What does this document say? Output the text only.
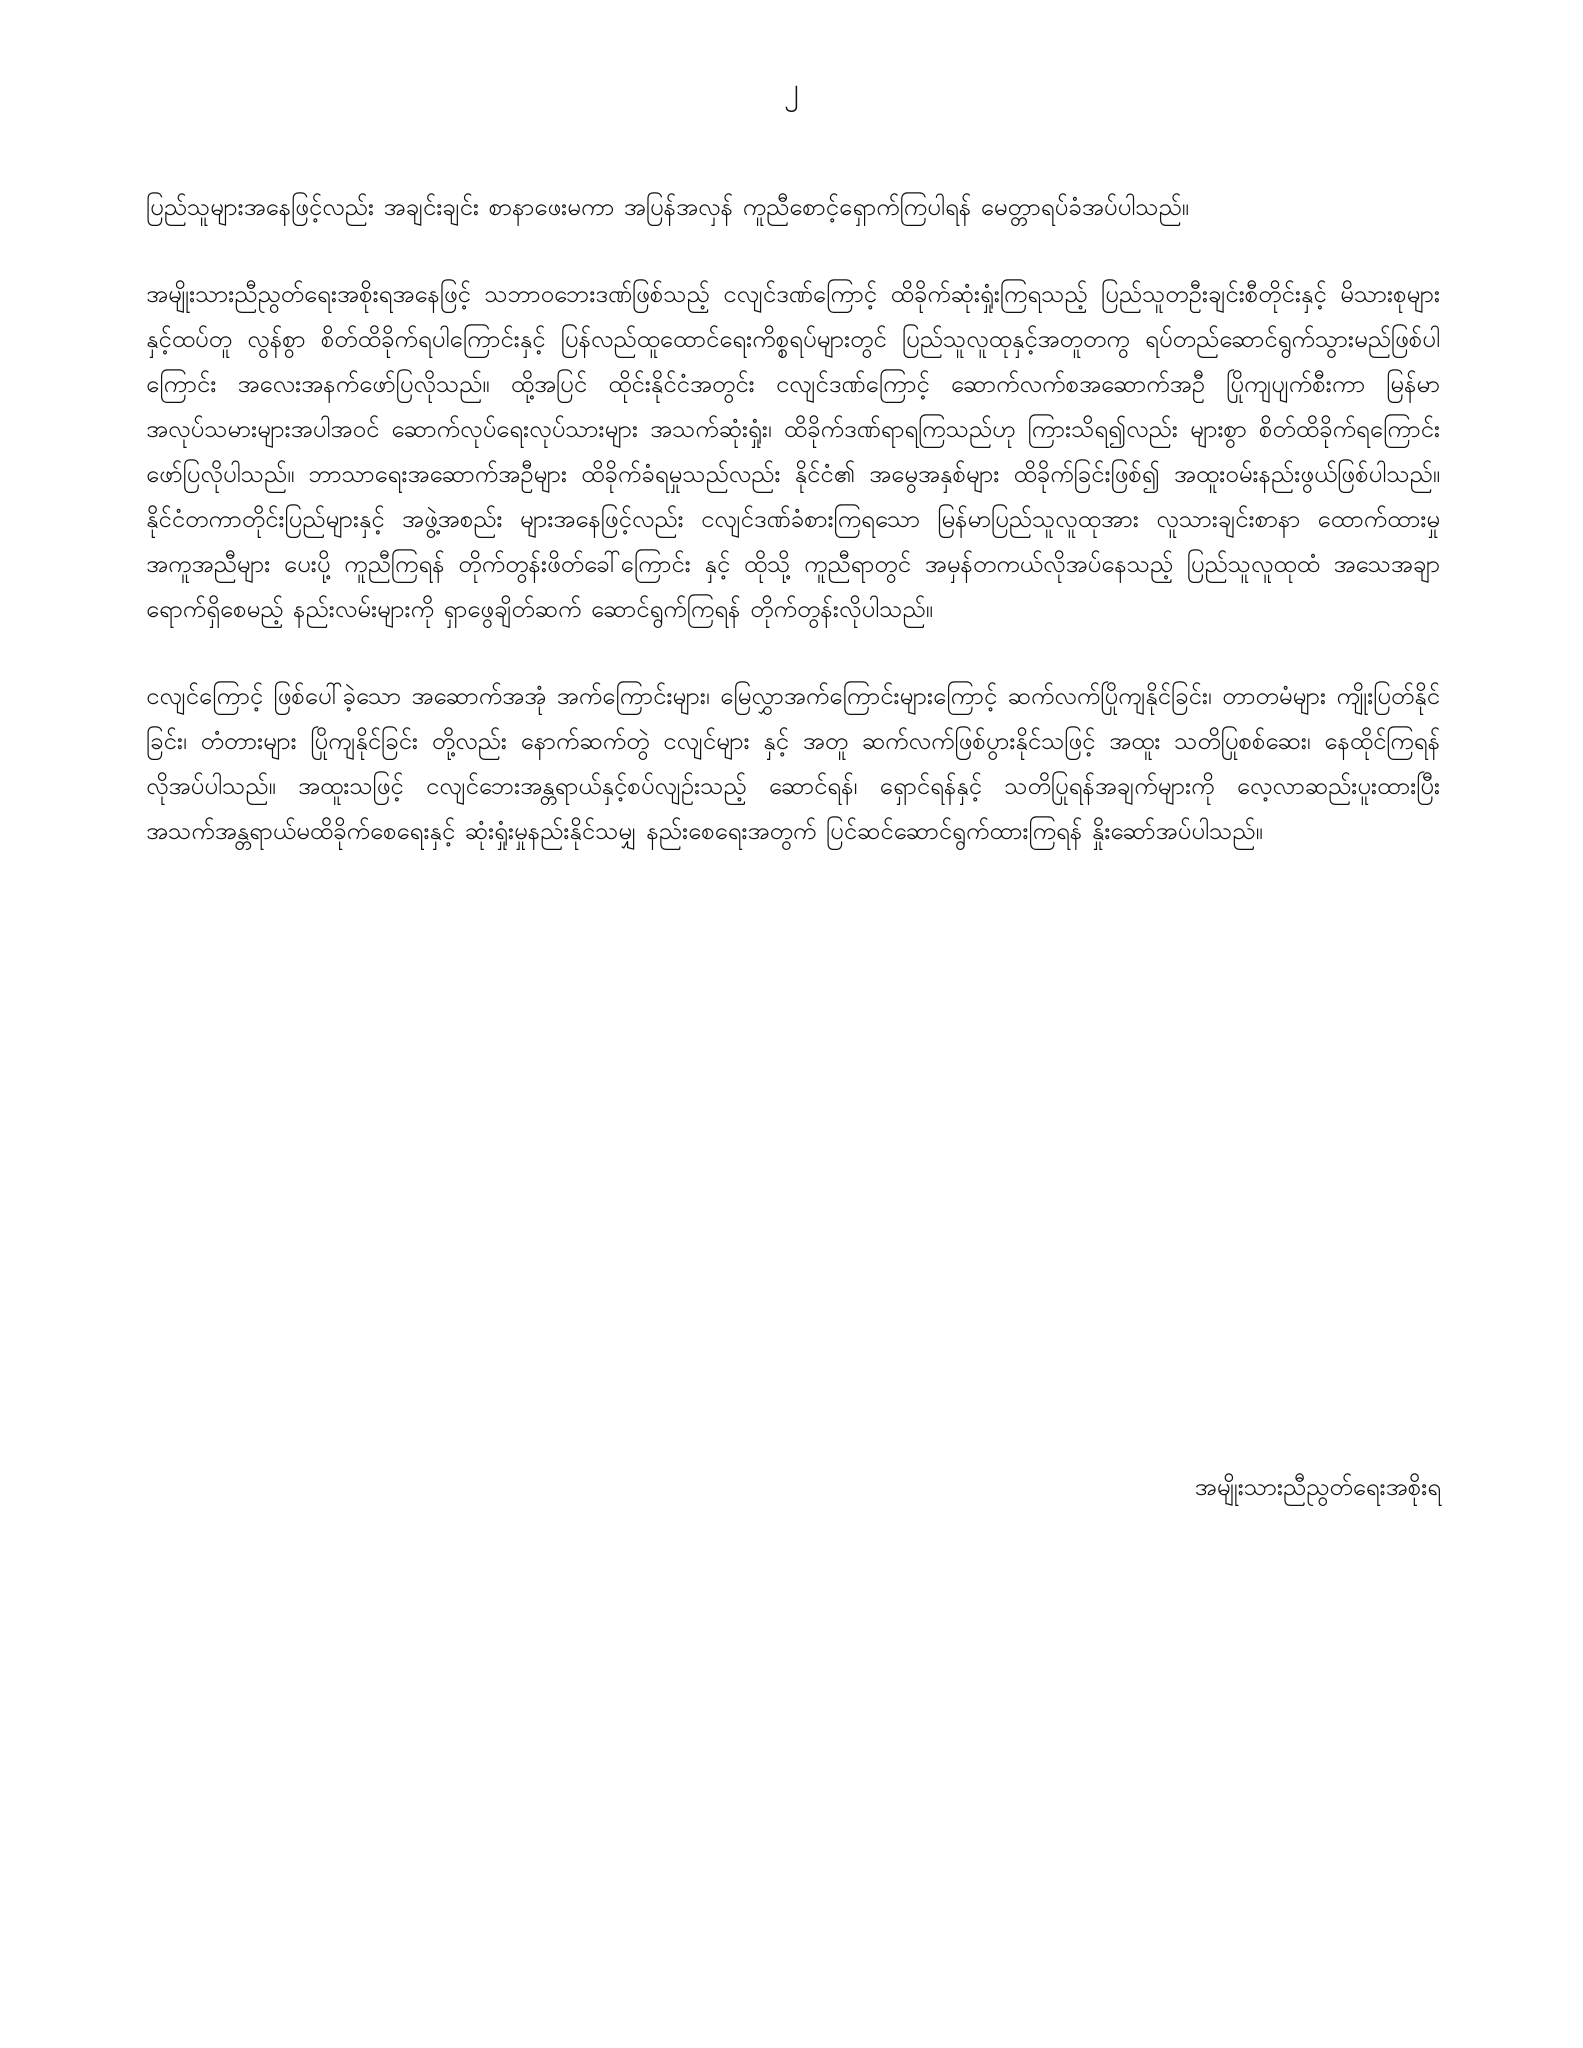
၂

ပြည်သူများအနေဖြင့်လည်း အချင်းချင်း စာနာဖေးမကာ အပြန်အလှန် ကူညီစောင့်ရှောက်ကြပါရန် မေတ္တာရပ်ခံအပ်ပါသည်။

အမျိုးသားညီညွတ်ရေးအစိုးရအနေဖြင့် သဘာဝဘေးဒဏ်ဖြစ်သည့် ငလျင်ဒဏ်ကြောင့် ထိခိုက်ဆုံးရှုံးကြရသည့် ပြည်သူတဦးချင်းစီတိုင်းနှင့် မိသားစုများနှင့်ထပ်တူ လွန်စွာ စိတ်ထိခိုက်ရပါကြောင်းနှင့် ပြန်လည်ထူထောင်ရေးကိစ္စရပ်များတွင် ပြည်သူလူထုနှင့်အတူတကွ ရပ်တည်ဆောင်ရွက်သွားမည်ဖြစ်ပါကြောင်း အလေးအနက်ဖော်ပြလိုသည်။ ထို့အပြင် ထိုင်းနိုင်ငံအတွင်း ငလျင်ဒဏ်ကြောင့် ဆောက်လက်စအဆောက်အဦ ပြိုကျပျက်စီးကာ မြန်မာအလုပ်သမားများအပါအဝင် ဆောက်လုပ်ရေးလုပ်သားများ အသက်ဆုံးရှုံး၊ ထိခိုက်ဒဏ်ရာရကြသည်ဟု ကြားသိရ၍လည်း များစွာ စိတ်ထိခိုက်ရကြောင်း ဖော်ပြလိုပါသည်။ ဘာသာရေးအဆောက်အဦများ ထိခိုက်ခံရမှုသည်လည်း နိုင်ငံ၏ အမွေအနှစ်များ ထိခိုက်ခြင်းဖြစ်၍ အထူးဝမ်းနည်းဖွယ်ဖြစ်ပါသည်။ နိုင်ငံတကာတိုင်းပြည်များနှင့် အဖွဲ့အစည်း များအနေဖြင့်လည်း ငလျင်ဒဏ်ခံစားကြရသော မြန်မာပြည်သူလူထုအား လူသားချင်းစာနာ ထောက်ထားမှု အကူအညီများ ပေးပို့ ကူညီကြရန် တိုက်တွန်းဖိတ်ခေါ်ကြောင်း နှင့် ထိုသို့ ကူညီရာတွင် အမှန်တကယ်လိုအပ်နေသည့် ပြည်သူလူထုထံ အသေအချာ ရောက်ရှိစေမည့် နည်းလမ်းများကို ရှာဖွေချိတ်ဆက် ဆောင်ရွက်ကြရန် တိုက်တွန်းလိုပါသည်။

ငလျင်ကြောင့် ဖြစ်ပေါ်ခဲ့သော အဆောက်အအုံ အက်ကြောင်းများ၊ မြေလွှာအက်ကြောင်းများကြောင့် ဆက်လက်ပြိုကျနိုင်ခြင်း၊ တာတမံများ ကျိုးပြတ်နိုင်ခြင်း၊ တံတားများ ပြိုကျနိုင်ခြင်း တို့လည်း နောက်ဆက်တွဲ ငလျင်များ နှင့် အတူ ဆက်လက်ဖြစ်ပွားနိုင်သဖြင့် အထူး သတိပြုစစ်ဆေး၊ နေထိုင်ကြရန် လိုအပ်ပါသည်။ အထူးသဖြင့် ငလျင်ဘေးအန္တရာယ်နှင့်စပ်လျဉ်းသည့် ဆောင်ရန်၊ ရှောင်ရန်နှင့် သတိပြုရန်အချက်များကို လေ့လာဆည်းပူးထားပြီး အသက်အန္တရာယ်မထိခိုက်စေရေးနှင့် ဆုံးရှုံးမှုနည်းနိုင်သမျှ နည်းစေရေးအတွက် ပြင်ဆင်ဆောင်ရွက်ထားကြရန် နှိုးဆော်အပ်ပါသည်။

အမျိုးသားညီညွတ်ရေးအစိုးရ
